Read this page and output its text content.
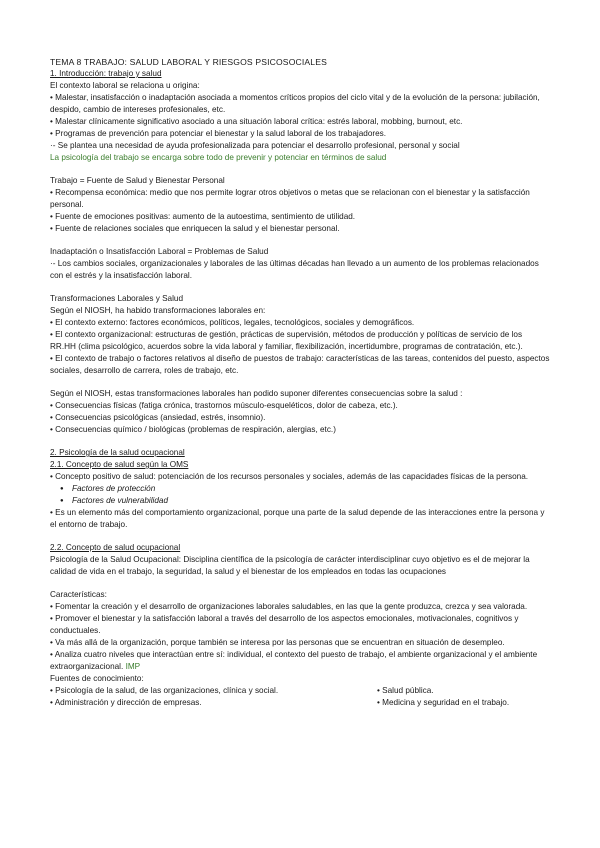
TEMA 8 TRABAJO: SALUD LABORAL Y RIESGOS PSICOSOCIALES
1. Introducción: trabajo y salud
El contexto laboral se relaciona u origina:
• Malestar, insatisfacción o inadaptación asociada a momentos críticos propios del ciclo vital y de la evolución de la persona: jubilación, despido, cambio de intereses profesionales, etc.
• Malestar clínicamente significativo asociado a una situación laboral crítica: estrés laboral, mobbing, burnout, etc.
• Programas de prevención para potenciar el bienestar y la salud laboral de los trabajadores.
·- Se plantea una necesidad de ayuda profesionalizada para potenciar el desarrollo profesional, personal y social
La psicología del trabajo se encarga sobre todo de prevenir y potenciar en términos de salud
Trabajo = Fuente de Salud y Bienestar Personal
• Recompensa económica: medio que nos permite lograr otros objetivos o metas que se relacionan con el bienestar y la satisfacción personal.
• Fuente de emociones positivas: aumento de la autoestima, sentimiento de utilidad.
• Fuente de relaciones sociales que enriquecen la salud y el bienestar personal.
Inadaptación o Insatisfacción Laboral = Problemas de Salud
·- Los cambios sociales, organizacionales y laborales de las últimas décadas han llevado a un aumento de los problemas relacionados con el estrés y la insatisfacción laboral.
Transformaciones Laborales y Salud
Según el NIOSH, ha habido transformaciones laborales en:
• El contexto externo: factores económicos, políticos, legales, tecnológicos, sociales y demográficos.
• El contexto organizacional: estructuras de gestión, prácticas de supervisión, métodos de producción y políticas de servicio de los RR.HH (clima psicológico, acuerdos sobre la vida laboral y familiar, flexibilización, incertidumbre, programas de contratación, etc.).
• El contexto de trabajo o factores relativos al diseño de puestos de trabajo: características de las tareas, contenidos del puesto, aspectos sociales, desarrollo de carrera, roles de trabajo, etc.
Según el NIOSH, estas transformaciones laborales han podido suponer diferentes consecuencias sobre la salud :
• Consecuencias físicas (fatiga crónica, trastornos músculo-esqueléticos, dolor de cabeza, etc.).
• Consecuencias psicológicas (ansiedad, estrés, insomnio).
• Consecuencias químico / biológicas (problemas de respiración, alergias, etc.)
2. Psicología de la salud ocupacional
2.1. Concepto de salud según la OMS
• Concepto positivo de salud: potenciación de los recursos personales y sociales, además de las capacidades físicas de la persona.
● Factores de protección
● Factores de vulnerabilidad
• Es un elemento más del comportamiento organizacional, porque una parte de la salud depende de las interacciones entre la persona y el entorno de trabajo.
2.2. Concepto de salud ocupacional
Psicología de la Salud Ocupacional: Disciplina científica de la psicología de carácter interdisciplinar cuyo objetivo es el de mejorar la calidad de vida en el trabajo, la seguridad, la salud y el bienestar de los empleados en todas las ocupaciones
Características:
• Fomentar la creación y el desarrollo de organizaciones laborales saludables, en las que la gente produzca, crezca y sea valorada.
• Promover el bienestar y la satisfacción laboral a través del desarrollo de los aspectos emocionales, motivacionales, cognitivos y conductuales.
• Va más allá de la organización, porque también se interesa por las personas que se encuentran en situación de desempleo.
• Analiza cuatro niveles que interactúan entre sí: individual, el contexto del puesto de trabajo, el ambiente organizacional y el ambiente extraorganizacional. IMP
Fuentes de conocimiento:
• Psicología de la salud, de las organizaciones, clínica y social.	• Salud pública.
• Administración y dirección de empresas.	• Medicina y seguridad en el trabajo.
